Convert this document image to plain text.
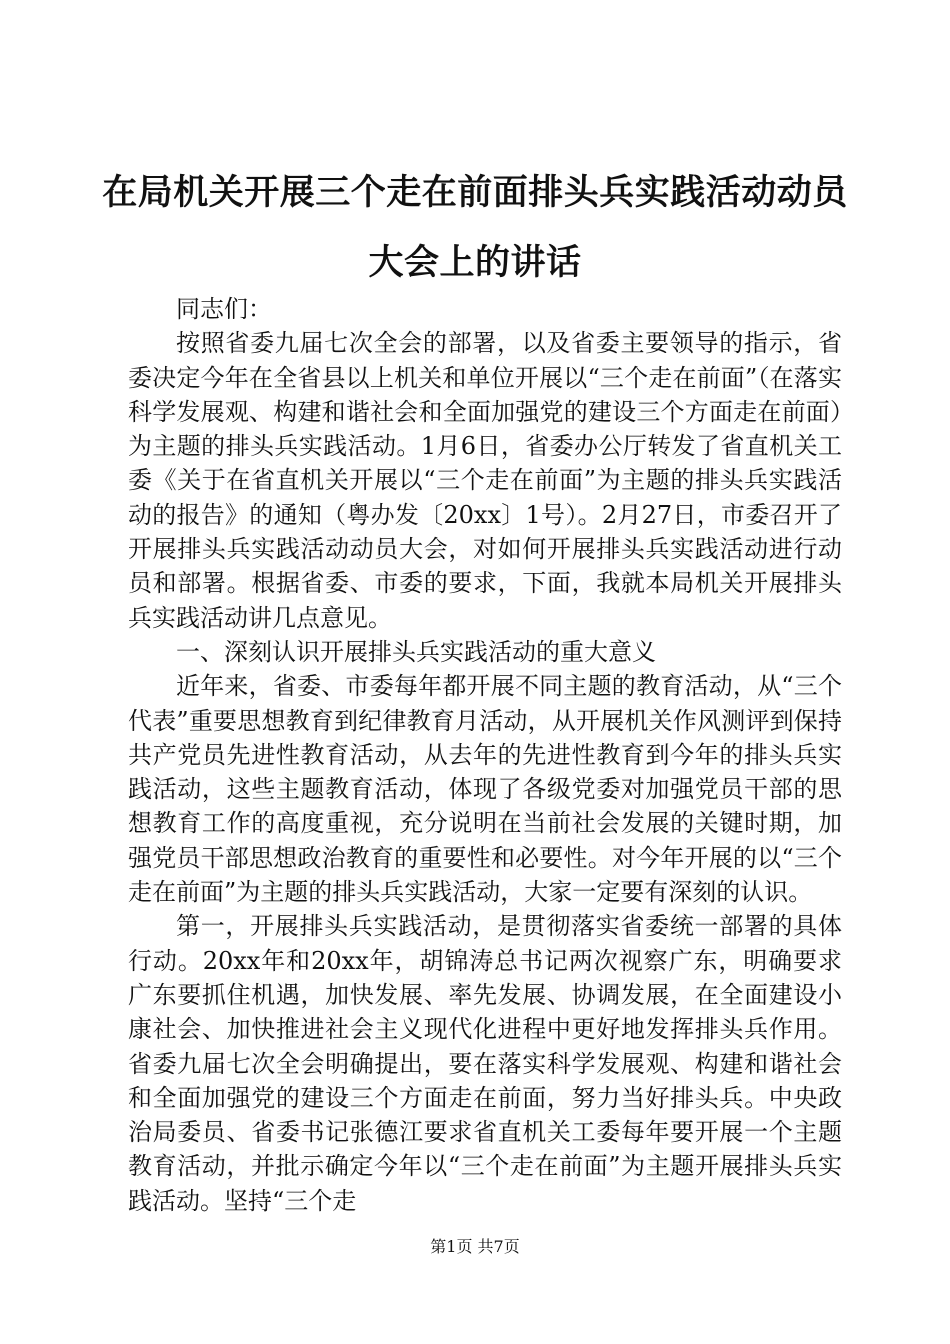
在局机关开展三个走在前面排头兵实践活动动员大会上的讲话

同志们：

按照省委九届七次全会的部署，以及省委主要领导的指示，省委决定今年在全省县以上机关和单位开展以“三个走在前面”（在落实科学发展观、构建和谐社会和全面加强党的建设三个方面走在前面）为主题的排头兵实践活动。1月6日，省委办公厅转发了省直机关工委《关于在省直机关开展以“三个走在前面”为主题的排头兵实践活动的报告》的通知（粤办发〔20xx〕1号）。2月27日，市委召开了开展排头兵实践活动动员大会，对如何开展排头兵实践活动进行动员和部署。根据省委、市委的要求，下面，我就本局机关开展排头兵实践活动讲几点意见。

一、深刻认识开展排头兵实践活动的重大意义

近年来，省委、市委每年都开展不同主题的教育活动，从“三个代表”重要思想教育到纪律教育月活动，从开展机关作风测评到保持共产党员先进性教育活动，从去年的先进性教育到今年的排头兵实践活动，这些主题教育活动，体现了各级党委对加强党员干部的思想教育工作的高度重视，充分说明在当前社会发展的关键时期，加强党员干部思想政治教育的重要性和必要性。对今年开展的以“三个走在前面”为主题的排头兵实践活动，大家一定要有深刻的认识。

第一，开展排头兵实践活动，是贯彻落实省委统一部署的具体行动。20xx年和20xx年，胡锦涛总书记两次视察广东，明确要求广东要抓住机遇，加快发展、率先发展、协调发展，在全面建设小康社会、加快推进社会主义现代化进程中更好地发挥排头兵作用。省委九届七次全会明确提出，要在落实科学发展观、构建和谐社会和全面加强党的建设三个方面走在前面，努力当好排头兵。中央政治局委员、省委书记张德江要求省直机关工委每年要开展一个主题教育活动，并批示确定今年以“三个走在前面”为主题开展排头兵实践活动。坚持“三个走

第1页 共7页
